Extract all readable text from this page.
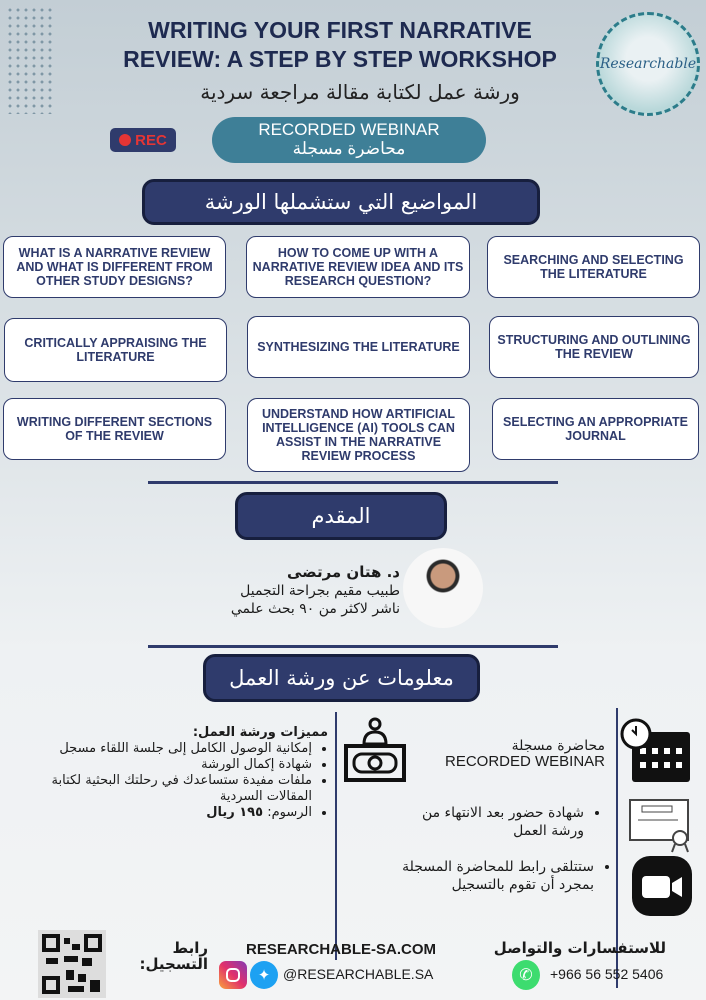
WRITING YOUR FIRST NARRATIVE
REVIEW: A STEP BY STEP WORKSHOP
ورشة عمل لكتابة مقالة مراجعة سردية
Researchable
REC
RECORDED WEBINAR
محاضرة مسجلة
المواضيع التي ستشملها الورشة
WHAT IS A NARRATIVE REVIEW AND WHAT IS DIFFERENT FROM OTHER STUDY DESIGNS?
HOW TO COME UP WITH A NARRATIVE REVIEW IDEA AND ITS RESEARCH QUESTION?
SEARCHING AND SELECTING THE LITERATURE
CRITICALLY APPRAISING THE LITERATURE
SYNTHESIZING THE LITERATURE	STRUCTURING AND OUTLINING THE REVIEW
WRITING DIFFERENT SECTIONS OF THE REVIEW
UNDERSTAND HOW ARTIFICIAL INTELLIGENCE (AI) TOOLS CAN ASSIST IN THE NARRATIVE REVIEW PROCESS
SELECTING AN APPROPRIATE JOURNAL
المقدم
د. هتان مرتضى
طبيب مقيم بجراحة التجميل
ناشر لاكثر من ٩٠ بحث علمي
معلومات عن ورشة العمل
مميزات ورشة العمل:
• إمكانية الوصول الكامل إلى جلسة اللقاء مسجل
• شهادة إكمال الورشة
• ملفات مفيدة ستساعدك في رحلتك البحثية لكتابة المقالات السردية
• الرسوم: ١٩٥ ريال
محاضرة مسجلة
RECORDED WEBINAR
• شهادة حضور بعد الانتهاء من ورشة العمل
• ستتلقى رابط للمحاضرة المسجلة بمجرد أن تقوم بالتسجيل
رابط التسجيل:
RESEARCHABLE-SA.COM
✦ @RESEARCHABLE.SA
للاستفسارات والتواصل
✆	+966 56 552 5406
